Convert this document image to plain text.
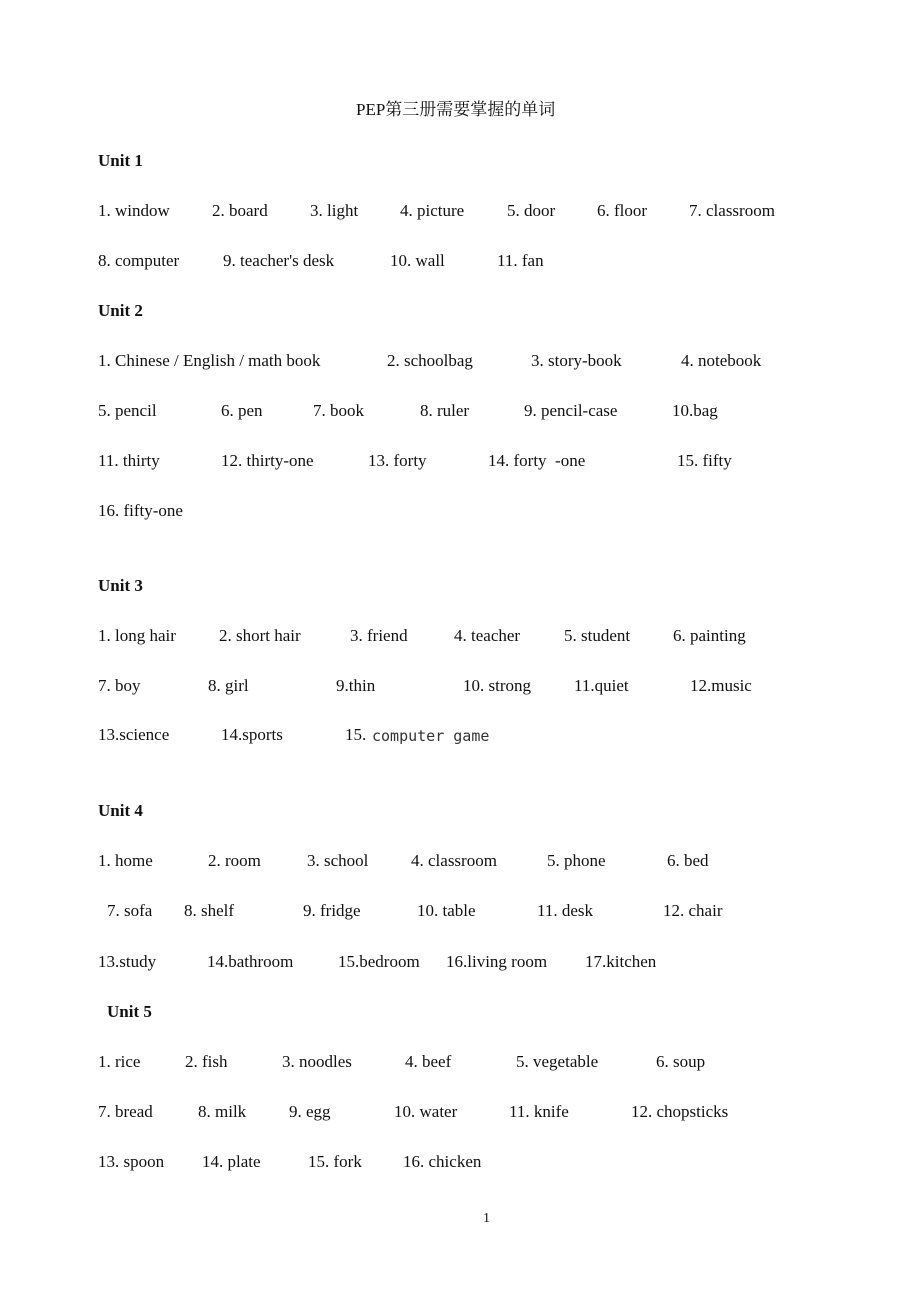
PEP第三册需要掌握的单词
Unit 1
1. window 2. board 3. light 4. picture	5. door 6. floor 7. classroom
8. computer	9. teacher's desk	10. wall	11. fan
Unit 2
1. Chinese / English / math book	2. schoolbag	3. story-book	4. notebook
5. pencil	6. pen	7. book	8. ruler	9. pencil-case	10.bag
11. thirty	12. thirty-one	13. forty	14. forty  -one	15. fifty
16. fifty-one
Unit 3
1. long hair	2. short hair	3. friend	4. teacher	5. student	6. painting
7. boy	8. girl	9.thin	10. strong	11.quiet	12.music
13.science	14.sports	15. computer game
Unit 4
1. home	2. room	3. school	4. classroom	5. phone	6. bed
7. sofa 8. shelf	9. fridge	10. table	11. desk	12. chair
13.study	14.bathroom	15.bedroom 16.living room 17.kitchen
Unit 5
1. rice	2. fish	3. noodles	4. beef	5. vegetable	6. soup
7. bread	8. milk	9. egg	10. water	11. knife	12. chopsticks
13. spoon 14. plate	15. fork 16. chicken
1
